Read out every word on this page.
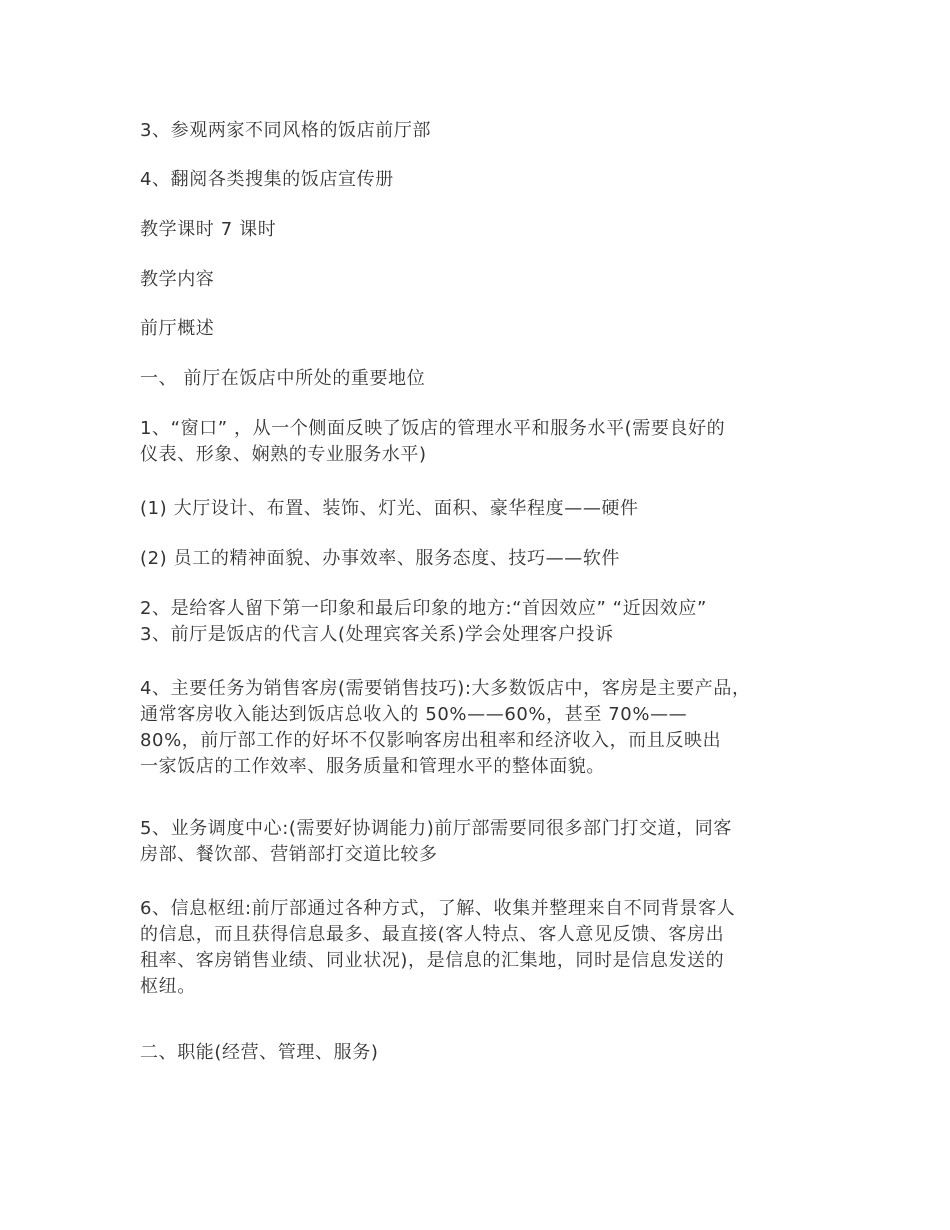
3、参观两家不同风格的饭店前厅部

4、翻阅各类搜集的饭店宣传册

教学课时 7 课时

教学内容

前厅概述

一、 前厅在饭店中所处的重要地位

1、“窗口” ，从一个侧面反映了饭店的管理水平和服务水平(需要良好的
仪表、形象、娴熟的专业服务水平)

(1) 大厅设计、布置、装饰、灯光、面积、豪华程度——硬件

(2) 员工的精神面貌、办事效率、服务态度、技巧——软件

2、是给客人留下第一印象和最后印象的地方:“首因效应” “近因效应”
3、前厅是饭店的代言人(处理宾客关系)学会处理客户投诉

4、主要任务为销售客房(需要销售技巧):大多数饭店中，客房是主要产品，
通常客房收入能达到饭店总收入的 50%——60%，甚至 70%——
80%，前厅部工作的好坏不仅影响客房出租率和经济收入，而且反映出
一家饭店的工作效率、服务质量和管理水平的整体面貌。

5、业务调度中心:(需要好协调能力)前厅部需要同很多部门打交道，同客
房部、餐饮部、营销部打交道比较多

6、信息枢纽:前厅部通过各种方式，了解、收集并整理来自不同背景客人
的信息，而且获得信息最多、最直接(客人特点、客人意见反馈、客房出
租率、客房销售业绩、同业状况)，是信息的汇集地，同时是信息发送的
枢纽。

二、职能(经营、管理、服务)
